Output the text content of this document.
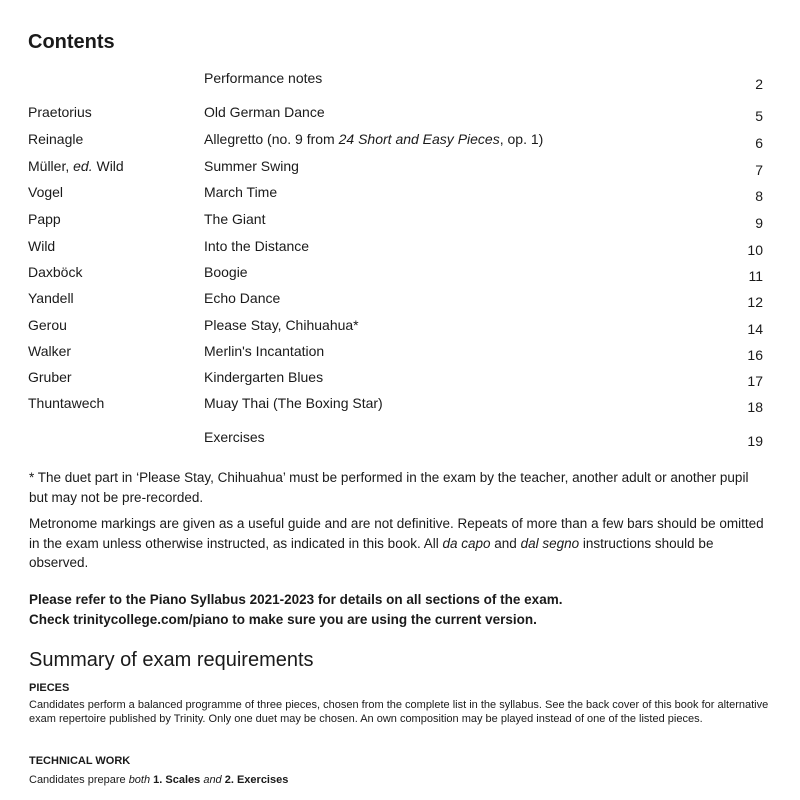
Contents
Performance notes	2
Praetorius	Old German Dance	5
Reinagle	Allegretto (no. 9 from 24 Short and Easy Pieces, op. 1)	6
Müller, ed. Wild	Summer Swing	7
Vogel	March Time	8
Papp	The Giant	9
Wild	Into the Distance	10
Daxböck	Boogie	11
Yandell	Echo Dance	12
Gerou	Please Stay, Chihuahua*	14
Walker	Merlin's Incantation	16
Gruber	Kindergarten Blues	17
Thuntawech	Muay Thai (The Boxing Star)	18
Exercises	19
* The duet part in ‘Please Stay, Chihuahua’ must be performed in the exam by the teacher, another adult or another pupil but may not be pre-recorded.
Metronome markings are given as a useful guide and are not definitive. Repeats of more than a few bars should be omitted in the exam unless otherwise instructed, as indicated in this book. All da capo and dal segno instructions should be observed.
Please refer to the Piano Syllabus 2021-2023 for details on all sections of the exam.
Check trinitycollege.com/piano to make sure you are using the current version.
Summary of exam requirements
PIECES
Candidates perform a balanced programme of three pieces, chosen from the complete list in the syllabus. See the back cover of this book for alternative exam repertoire published by Trinity. Only one duet may be chosen. An own composition may be played instead of one of the listed pieces.
TECHNICAL WORK
Candidates prepare both 1. Scales and 2. Exercises
